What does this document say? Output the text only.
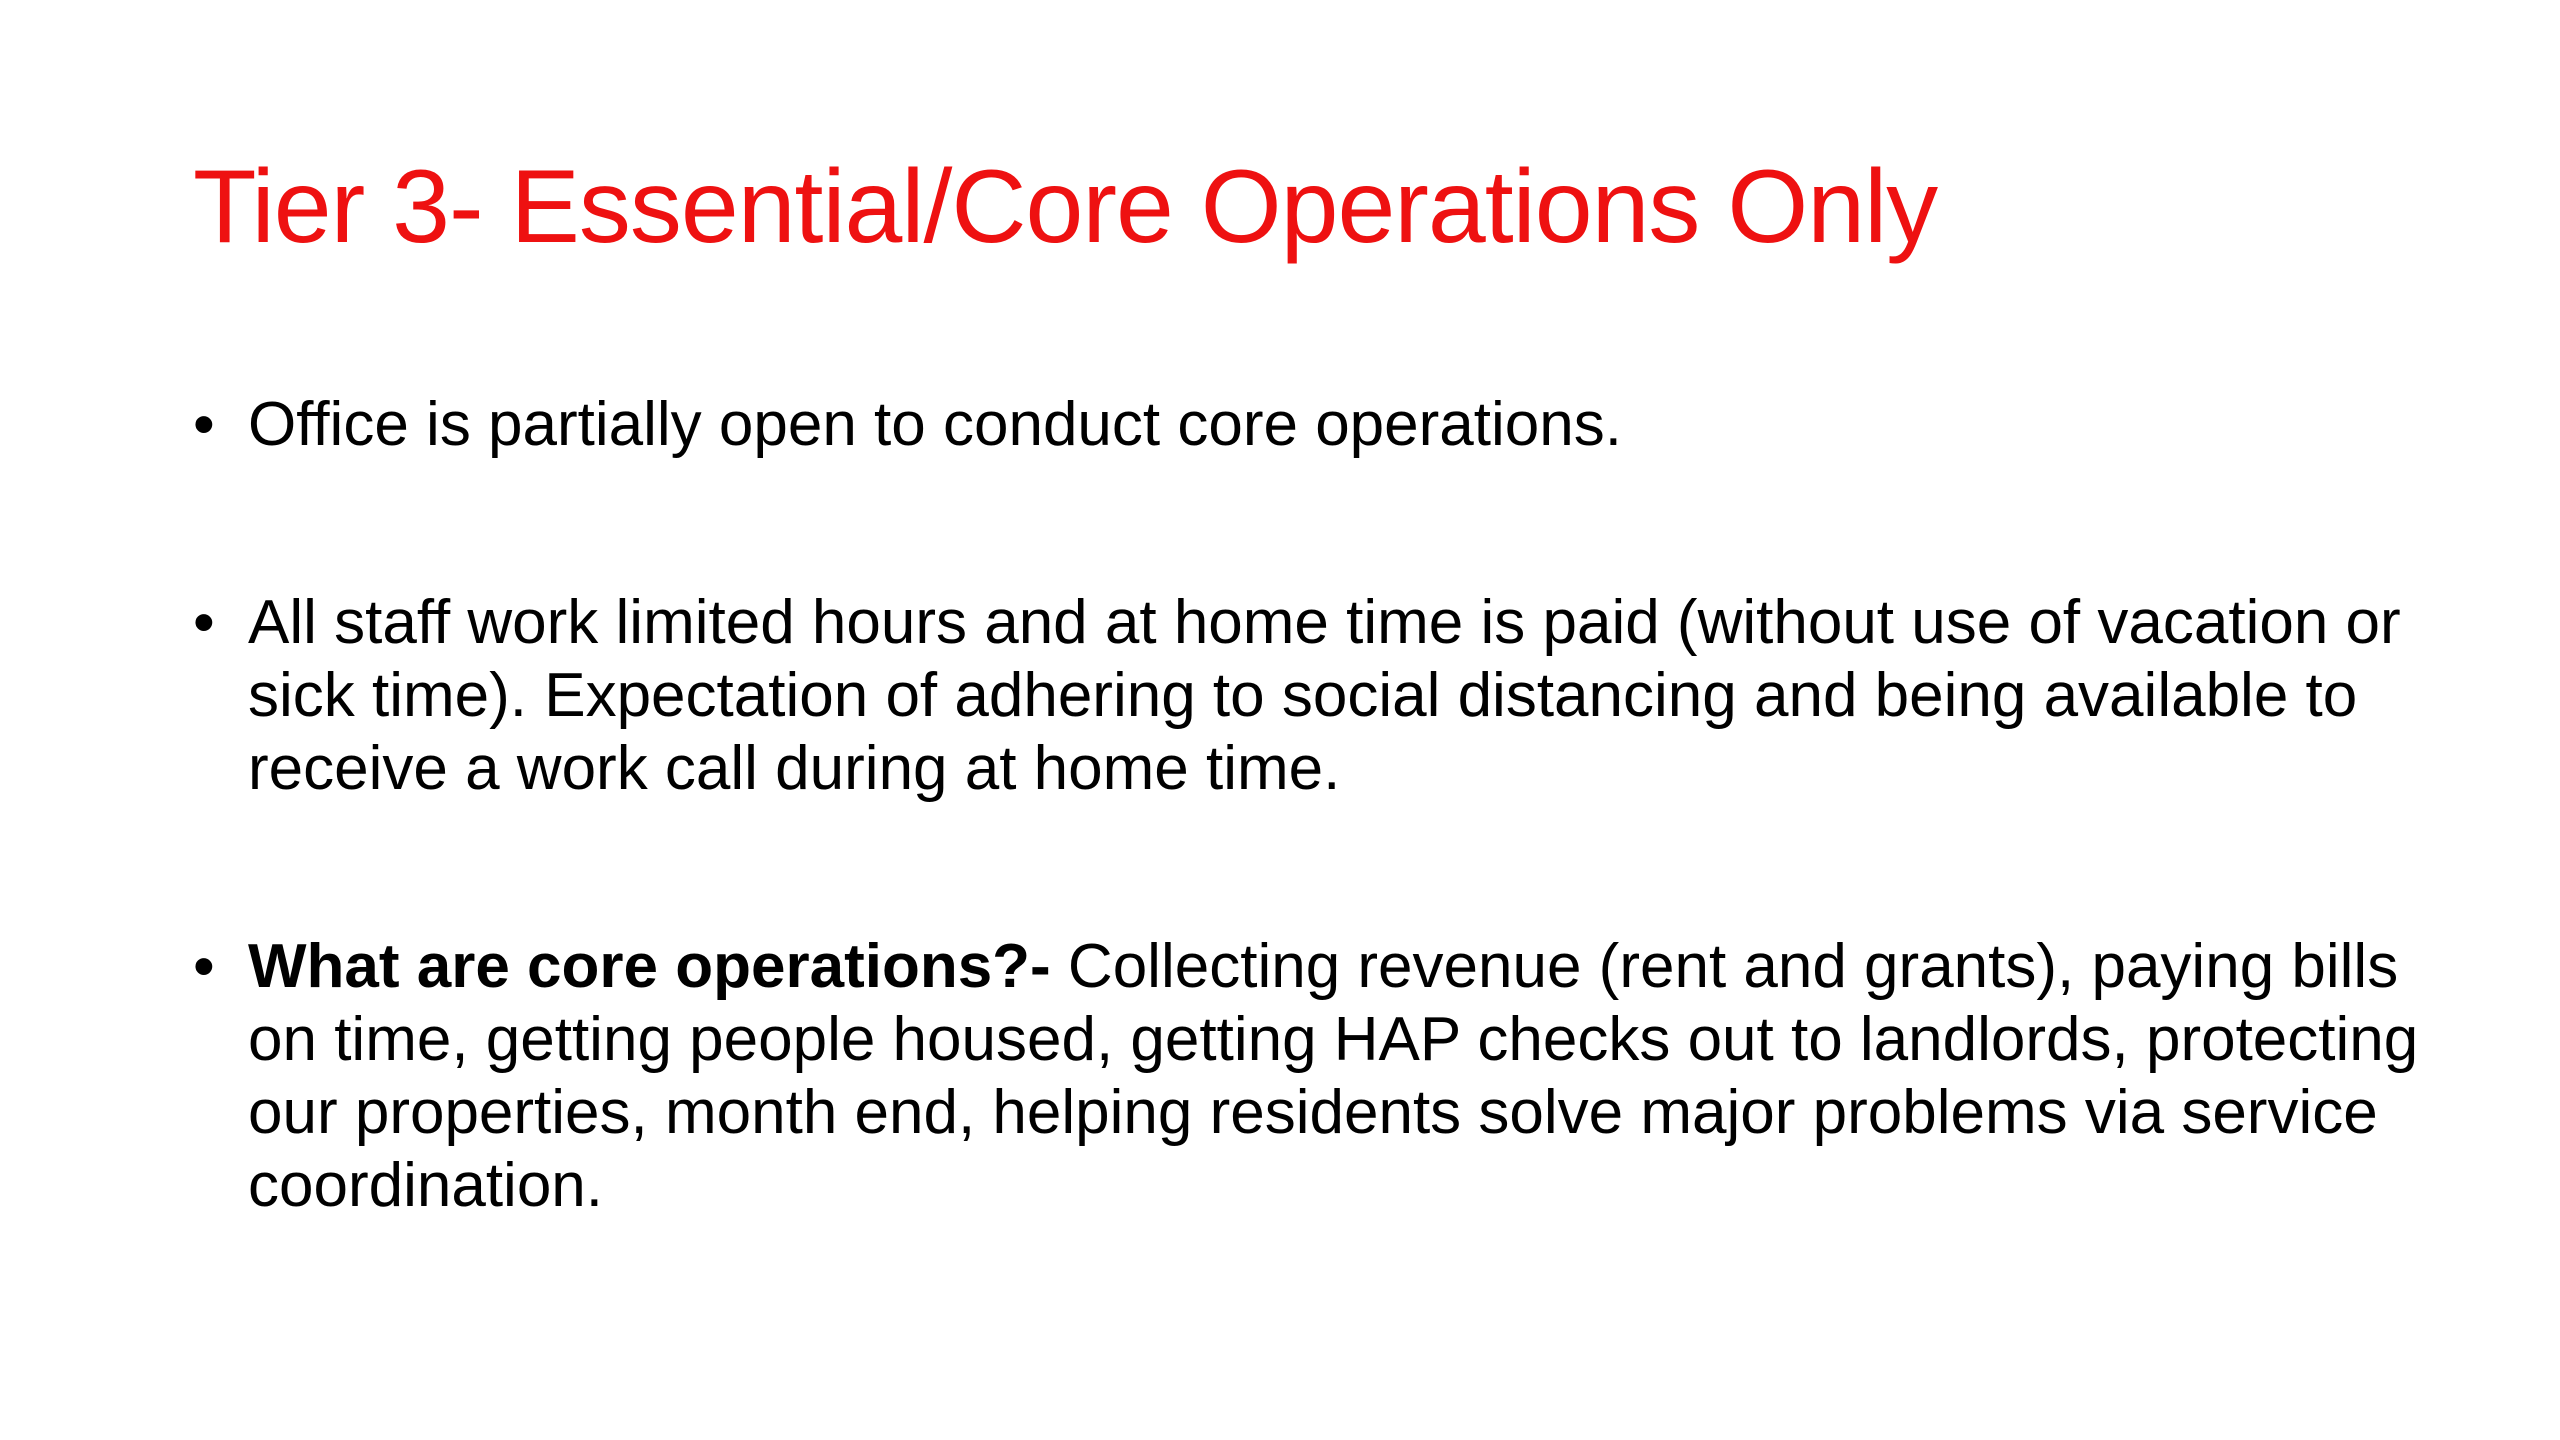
Tier 3- Essential/Core Operations Only
• Office is partially open to conduct core operations.
• All staff work limited hours and at home time is paid (without use of vacation or sick time). Expectation of adhering to social distancing and being available to receive a work call during at home time.
• What are core operations?- Collecting revenue (rent and grants), paying bills on time, getting people housed, getting HAP checks out to landlords, protecting our properties, month end, helping residents solve major problems via service coordination.
